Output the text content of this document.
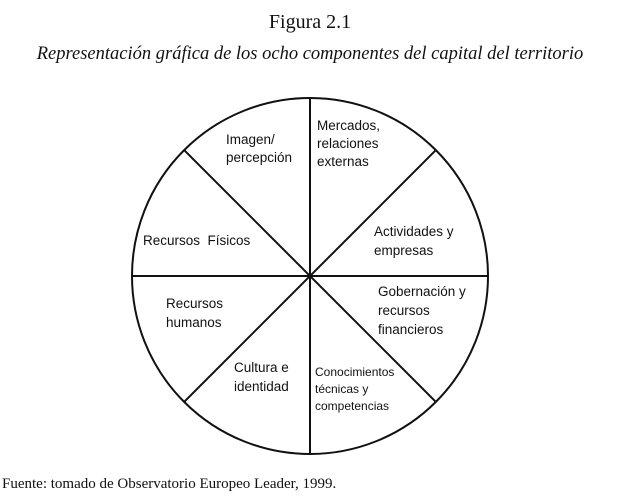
Figura 2.1
Representación gráfica de los ocho componentes del capital del territorio
Imagen/ percepción
Mercados, relaciones externas
Actividades y empresas
Gobernación y recursos financieros
Conocimientos técnicas y competencias
Cultura e identidad
Recursos humanos
Recursos  Físicos
Fuente: tomado de Observatorio Europeo Leader, 1999.
